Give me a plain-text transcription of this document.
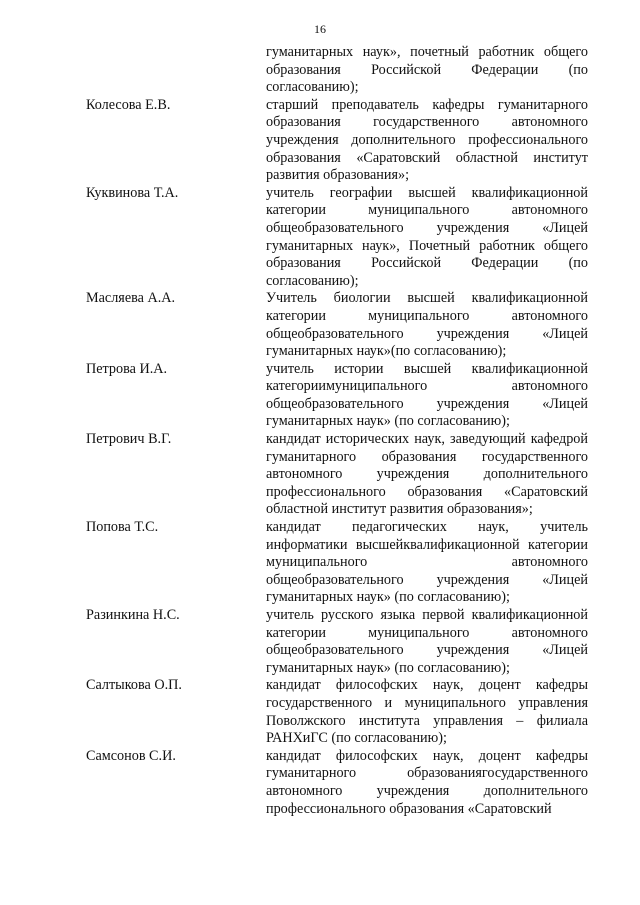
16
гуманитарных наук», почетный работник общего образования Российской Федерации (по согласованию);
Колесова Е.В.	старший преподаватель кафедры гуманитарного образования государственного автономного учреждения дополнительного профессионального образования «Саратовский областной институт развития образования»;
Куквинова Т.А.	учитель географии высшей квалификационной категории муниципального автономного общеобразовательного учреждения «Лицей гуманитарных наук», Почетный работник общего образования Российской Федерации (по согласованию);
Масляева А.А.	Учитель биологии высшей квалификационной категории муниципального автономного общеобразовательного учреждения «Лицей гуманитарных наук»(по согласованию);
Петрова И.А.	учитель истории высшей квалификационной категориимуниципального автономного общеобразовательного учреждения «Лицей гуманитарных наук» (по согласованию);
Петрович В.Г.	кандидат исторических наук, заведующий кафедрой гуманитарного образования государственного автономного учреждения дополнительного профессионального образования «Саратовский областной институт развития образования»;
Попова Т.С.	кандидат педагогических наук, учитель информатики высшейквалификационной категории муниципального автономного общеобразовательного учреждения «Лицей гуманитарных наук» (по согласованию);
Разинкина Н.С.	учитель русского языка первой квалификационной категории муниципального автономного общеобразовательного учреждения «Лицей гуманитарных наук» (по согласованию);
Салтыкова О.П.	кандидат философских наук, доцент кафедры государственного и муниципального управления Поволжского института управления – филиала РАНХиГС (по согласованию);
Самсонов С.И.	кандидат философских наук, доцент кафедры гуманитарного образованиягосударственного автономного учреждения дополнительного профессионального образования «Саратовский
